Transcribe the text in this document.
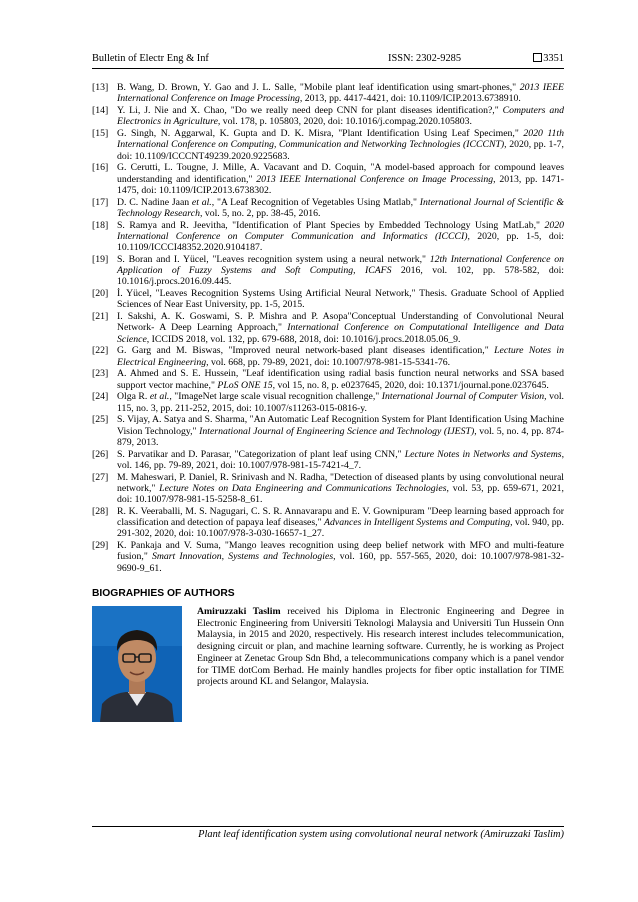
Bulletin of Electr Eng & Inf	ISSN: 2302-9285	3351
[13] B. Wang, D. Brown, Y. Gao and J. L. Salle, "Mobile plant leaf identification using smart-phones," 2013 IEEE International Conference on Image Processing, 2013, pp. 4417-4421, doi: 10.1109/ICIP.2013.6738910.
[14] Y. Li, J. Nie and X. Chao, "Do we really need deep CNN for plant diseases identification?," Computers and Electronics in Agriculture, vol. 178, p. 105803, 2020, doi: 10.1016/j.compag.2020.105803.
[15] G. Singh, N. Aggarwal, K. Gupta and D. K. Misra, "Plant Identification Using Leaf Specimen," 2020 11th International Conference on Computing, Communication and Networking Technologies (ICCCNT), 2020, pp. 1-7, doi: 10.1109/ICCCNT49239.2020.9225683.
[16] G. Cerutti, L. Tougne, J. Mille, A. Vacavant and D. Coquin, "A model-based approach for compound leaves understanding and identification," 2013 IEEE International Conference on Image Processing, 2013, pp. 1471-1475, doi: 10.1109/ICIP.2013.6738302.
[17] D. C. Nadine Jaan et al., "A Leaf Recognition of Vegetables Using Matlab," International Journal of Scientific & Technology Research, vol. 5, no. 2, pp. 38-45, 2016.
[18] S. Ramya and R. Jeevitha, "Identification of Plant Species by Embedded Technology Using MatLab," 2020 International Conference on Computer Communication and Informatics (ICCCI), 2020, pp. 1-5, doi: 10.1109/ICCCI48352.2020.9104187.
[19] S. Boran and I. Yücel, "Leaves recognition system using a neural network," 12th International Conference on Application of Fuzzy Systems and Soft Computing, ICAFS 2016, vol. 102, pp. 578-582, doi: 10.1016/j.procs.2016.09.445.
[20] İ. Yücel, "Leaves Recognition Systems Using Artificial Neural Network," Thesis. Graduate School of Applied Sciences of Near East University, pp. 1-5, 2015.
[21] I. Sakshi, A. K. Goswami, S. P. Mishra and P. Asopa"Conceptual Understanding of Convolutional Neural Network- A Deep Learning Approach," International Conference on Computational Intelligence and Data Science, ICCIDS 2018, vol. 132, pp. 679-688, 2018, doi: 10.1016/j.procs.2018.05.06_9.
[22] G. Garg and M. Biswas, "Improved neural network-based plant diseases identification," Lecture Notes in Electrical Engineering, vol. 668, pp. 79-89, 2021, doi: 10.1007/978-981-15-5341-76.
[23] A. Ahmed and S. E. Hussein, "Leaf identification using radial basis function neural networks and SSA based support vector machine," PLoS ONE 15, vol 15, no. 8, p. e0237645, 2020, doi: 10.1371/journal.pone.0237645.
[24] Olga R. et al., "ImageNet large scale visual recognition challenge," International Journal of Computer Vision, vol. 115, no. 3, pp. 211-252, 2015, doi: 10.1007/s11263-015-0816-y.
[25] S. Vijay, A. Satya and S. Sharma, "An Automatic Leaf Recognition System for Plant Identification Using Machine Vision Technology," International Journal of Engineering Science and Technology (IJEST), vol. 5, no. 4, pp. 874-879, 2013.
[26] S. Parvatikar and D. Parasar, "Categorization of plant leaf using CNN," Lecture Notes in Networks and Systems, vol. 146, pp. 79-89, 2021, doi: 10.1007/978-981-15-7421-4_7.
[27] M. Maheswari, P. Daniel, R. Srinivash and N. Radha, "Detection of diseased plants by using convolutional neural network," Lecture Notes on Data Engineering and Communications Technologies, vol. 53, pp. 659-671, 2021, doi: 10.1007/978-981-15-5258-8_61.
[28] R. K. Veeraballi, M. S. Nagugari, C. S. R. Annavarapu and E. V. Gownipuram "Deep learning based approach for classification and detection of papaya leaf diseases," Advances in Intelligent Systems and Computing, vol. 940, pp. 291-302, 2020, doi: 10.1007/978-3-030-16657-1_27.
[29] K. Pankaja and V. Suma, "Mango leaves recognition using deep belief network with MFO and multi-feature fusion," Smart Innovation, Systems and Technologies, vol. 160, pp. 557-565, 2020, doi: 10.1007/978-981-32-9690-9_61.
BIOGRAPHIES OF AUTHORS

Amiruzzaki Taslim received his Diploma in Electronic Engineering and Degree in Electronic Engineering from Universiti Teknologi Malaysia and Universiti Tun Hussein Onn Malaysia, in 2015 and 2020, respectively. His research interest includes telecommunication, designing circuit or plan, and machine learning software. Currently, he is working as Project Engineer at Zenetac Group Sdn Bhd, a telecommunications company which is a panel vendor for TIME dotCom Berhad. He mainly handles projects for fiber optic installation for TIME projects around KL and Selangor, Malaysia.

Plant leaf identification system using convolutional neural network (Amiruzzaki Taslim)
